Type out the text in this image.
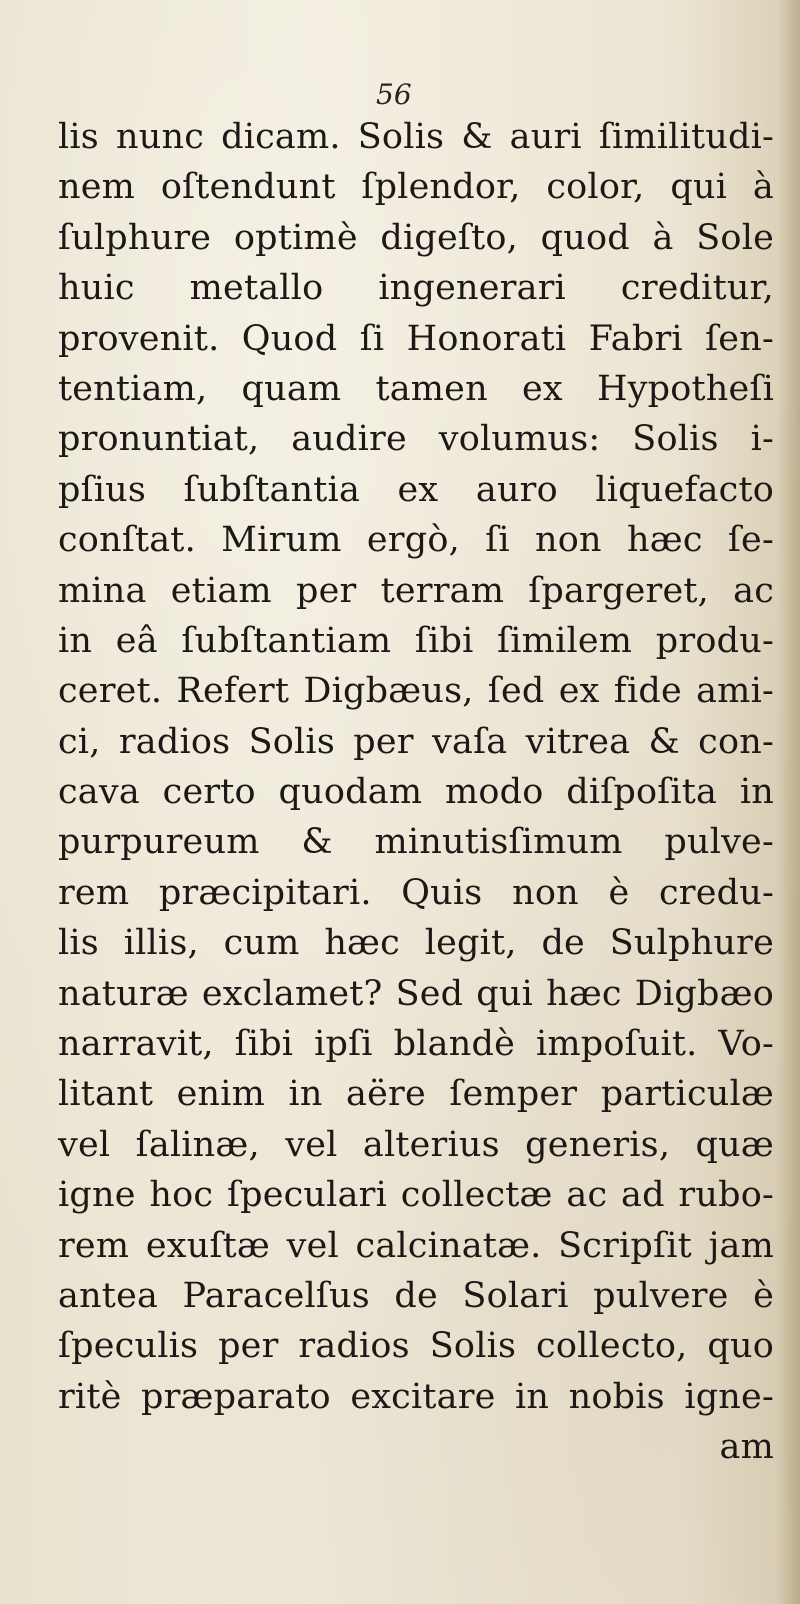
56

lis nunc dicam. Solis & auri ſimilitudi-
nem oſtendunt ſplendor, color, qui à
ſulphure optimè digeſto, quod à Sole
huic metallo ingenerari creditur,
provenit. Quod ſi Honorati Fabri ſen-
tentiam, quam tamen ex Hypotheſi
pronuntiat, audire volumus: Solis i-
pſius ſubſtantia ex auro liquefacto
conſtat. Mirum ergò, ſi non hæc ſe-
mina etiam per terram ſpargeret, ac
in eâ ſubſtantiam ſibi ſimilem produ-
ceret. Refert Digbæus, ſed ex fide ami-
ci, radios Solis per vaſa vitrea & con-
cava certo quodam modo diſpoſita in
purpureum & minutisſimum pulve-
rem præcipitari. Quis non è credu-
lis illis, cum hæc legit, de Sulphure
naturæ exclamet? Sed qui hæc Digbæo
narravit, ſibi ipſi blandè impoſuit. Vo-
litant enim in aëre ſemper particulæ
vel ſalinæ, vel alterius generis, quæ
igne hoc ſpeculari collectæ ac ad rubo-
rem exuſtæ vel calcinatæ. Scripſit jam
antea Paracelſus de Solari pulvere è
ſpeculis per radios Solis collecto, quo
ritè præparato excitare in nobis igne-
am
